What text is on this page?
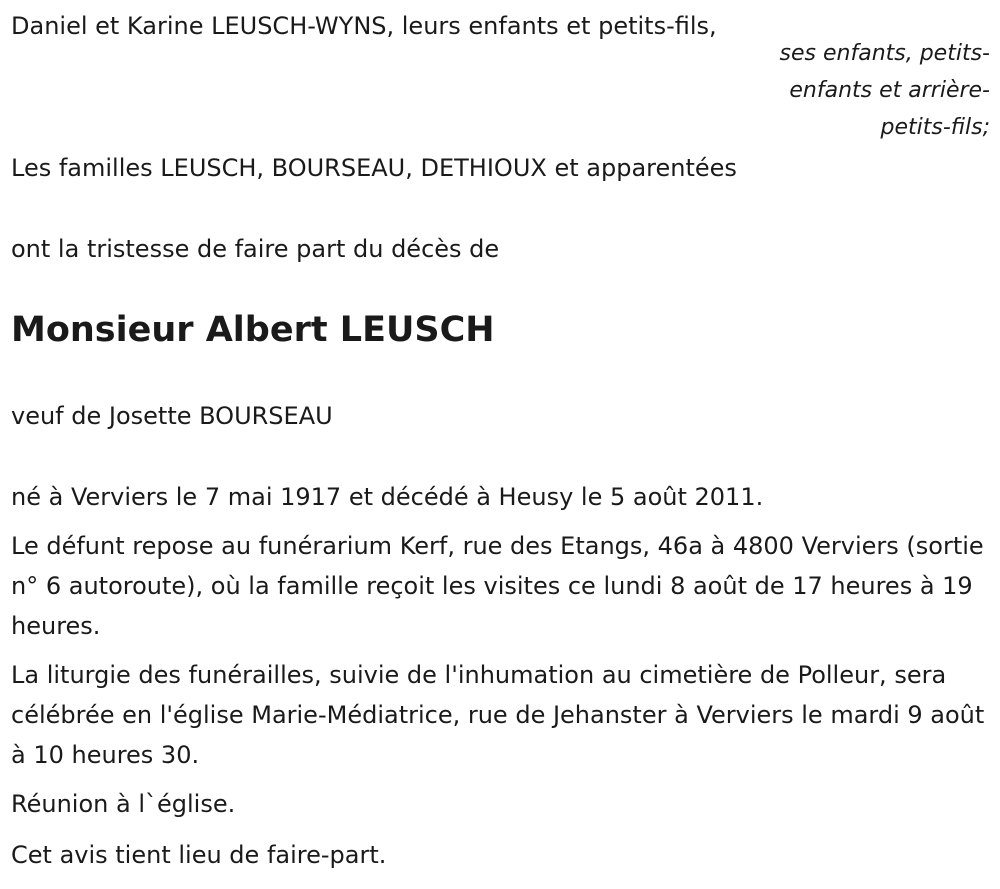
Daniel et Karine LEUSCH-WYNS, leurs enfants et petits-fils,
ses enfants, petits-enfants et arrière-petits-fils;
Les familles LEUSCH, BOURSEAU, DETHIOUX et apparentées
ont la tristesse de faire part du décès de
Monsieur Albert LEUSCH
veuf de Josette BOURSEAU
né à Verviers le 7 mai 1917 et décédé à Heusy le 5 août 2011.
Le défunt repose au funérarium Kerf, rue des Etangs, 46a à 4800 Verviers (sortie n° 6 autoroute), où la famille reçoit les visites ce lundi 8 août de 17 heures à 19 heures.
La liturgie des funérailles, suivie de l'inhumation au cimetière de Polleur, sera célébrée en l'église Marie-Médiatrice, rue de Jehanster à Verviers le mardi 9 août à 10 heures 30.
Réunion à l`église.
Cet avis tient lieu de faire-part.
